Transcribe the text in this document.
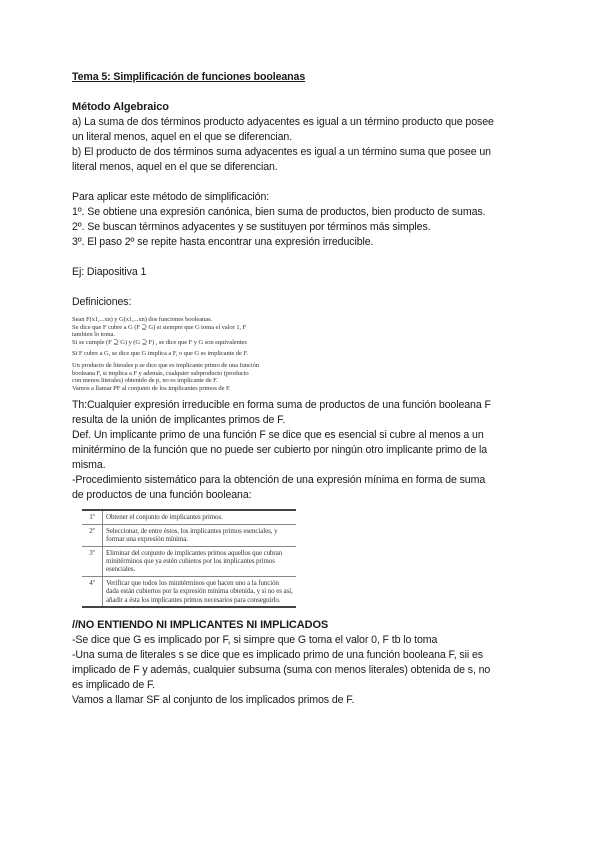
Tema 5: Simplificación de funciones booleanas
Método Algebraico

a) La suma de dos términos producto adyacentes es igual a un término producto que posee

un literal menos, aquel en el que se diferencian.

b) El producto de dos términos suma adyacentes es igual a un término suma que posee un

literal menos, aquel en el que se diferencian.

Para aplicar este método de simplificación:

1º. Se obtiene una expresión canónica, bien suma de productos, bien producto de sumas.

2º. Se buscan términos adyacentes y se sustituyen por términos más simples.

3º. El paso 2º se repite hasta encontrar una expresión irreducible.

Ej: Diapositiva 1

Definiciones:

Sean F(x1,...xn) y G(x1,...xn) dos funciones booleanas.
Se dice que F cubre a G (F ⊇ G) si siempre que G toma el valor 1, F
tambien lo toma.
Si se cumple (F ⊇ G) y (G ⊇ F) , se dice que F y G son equivalentes
Si F cubre a G, se dice que G implica a F, o que G es implicante de F.
Un producto de literales p se dice que es implicante primo de una función
booleana F, si implica a F y además, cualquier subproducto (producto
con menos literales) obtenido de p, no es implicante de F.
Vamos a llamar PF al conjunto de los implicantes primos de F.

Th:Cualquier expresión irreducible en forma suma de productos de una función booleana F

resulta de la unión de implicantes primos de F.

Def. Un implicante primo de una función F se dice que es esencial si cubre al menos a un

minitérmino de la función que no puede ser cubierto por ningún otro implicante primo de la

misma.

-Procedimiento sistemático para la obtención de una expresión mínima en forma de suma

de productos de una función booleana:

1º	Obtener el conjunto de implicantes primos.
2º	Seleccionar, de entre éstos, los implicantes primos esenciales, y formar una expresión mínima.
3º	Eliminar del conjunto de implicantes primos aquellos que cubran minitérminos que ya estén cubietos por los implicantes primos esenciales.
4º	Verificar que todos los minitérminos que hacen uno a la función dada están cubiertos por la expresión mínima obtenida, y si no es así, añadir a ésta los implicantes primos necesarios para conseguirlo.
//NO ENTIENDO NI IMPLICANTES NI IMPLICADOS

-Se dice que G es implicado por F, si simpre que G toma el valor 0, F tb lo toma

-Una suma de literales s se dice que es implicado primo de una función booleana F, sii es

implicado de F y además, cualquier subsuma (suma con menos literales) obtenida de s, no

es implicado de F.

Vamos a llamar SF al conjunto de los implicados primos de F.
